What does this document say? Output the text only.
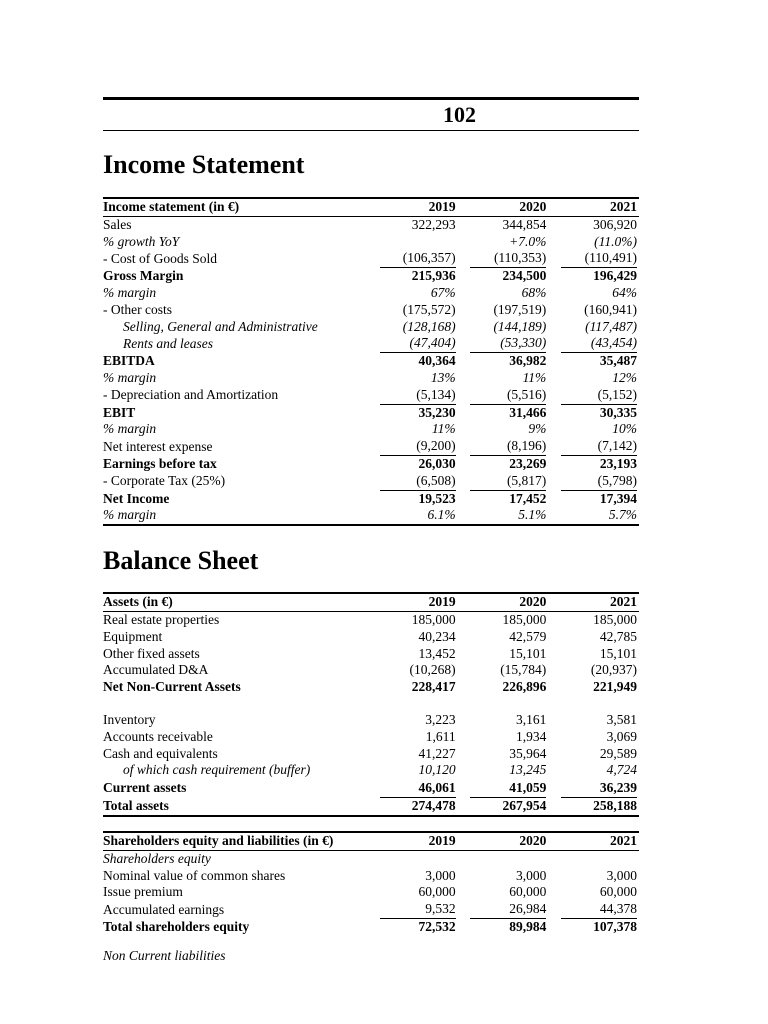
102
Income Statement
Income statement (in €)	2019	2020	2021
Sales	322,293	344,854	306,920
% growth YoY		+7.0%	(11.0%)
- Cost of Goods Sold	(106,357)	(110,353)	(110,491)
Gross Margin	215,936	234,500	196,429
% margin	67%	68%	64%
- Other costs	(175,572)	(197,519)	(160,941)
Selling, General and Administrative	(128,168)	(144,189)	(117,487)
Rents and leases	(47,404)	(53,330)	(43,454)
EBITDA	40,364	36,982	35,487
% margin	13%	11%	12%
- Depreciation and Amortization	(5,134)	(5,516)	(5,152)
EBIT	35,230	31,466	30,335
% margin	11%	9%	10%
Net interest expense	(9,200)	(8,196)	(7,142)
Earnings before tax	26,030	23,269	23,193
- Corporate Tax (25%)	(6,508)	(5,817)	(5,798)
Net Income	19,523	17,452	17,394
% margin	6.1%	5.1%	5.7%
Balance Sheet
Assets (in €)	2019	2020	2021
Real estate properties	185,000	185,000	185,000
Equipment	40,234	42,579	42,785
Other fixed assets	13,452	15,101	15,101
Accumulated D&A	(10,268)	(15,784)	(20,937)
Net Non-Current Assets	228,417	226,896	221,949

Inventory	3,223	3,161	3,581
Accounts receivable	1,611	1,934	3,069
Cash and equivalents	41,227	35,964	29,589
of which cash requirement (buffer)	10,120	13,245	4,724
Current assets	46,061	41,059	36,239
Total assets	274,478	267,954	258,188
Shareholders equity and liabilities (in €)	2019	2020	2021
Shareholders equity			
Nominal value of common shares	3,000	3,000	3,000
Issue premium	60,000	60,000	60,000
Accumulated earnings	9,532	26,984	44,378
Total shareholders equity	72,532	89,984	107,378
Non Current liabilities
